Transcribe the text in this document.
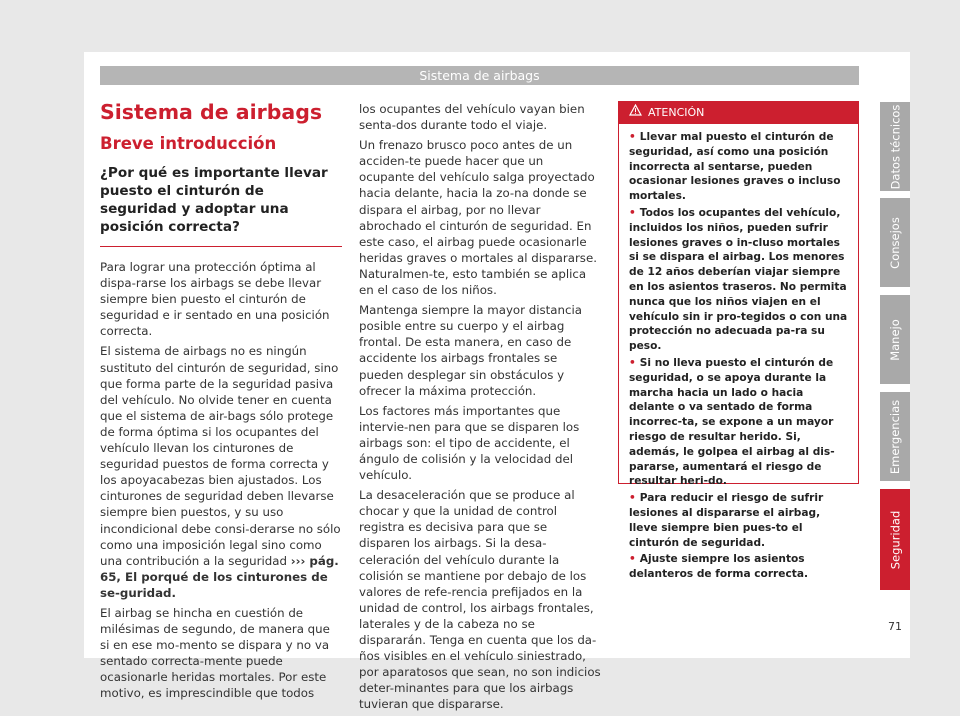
Sistema de airbags
Sistema de airbags
Breve introducción
¿Por qué es importante llevar puesto el cinturón de seguridad y adoptar una posición correcta?

Para lograr una protección óptima al dispa-rarse los airbags se debe llevar siempre bien puesto el cinturón de seguridad e ir sentado en una posición correcta.

El sistema de airbags no es ningún sustituto del cinturón de seguridad, sino que forma parte de la seguridad pasiva del vehículo. No olvide tener en cuenta que el sistema de air-bags sólo protege de forma óptima si los ocupantes del vehículo llevan los cinturones de seguridad puestos de forma correcta y los apoyacabezas bien ajustados. Los cinturones de seguridad deben llevarse siempre bien puestos, y su uso incondicional debe consi-derarse no sólo como una imposición legal sino como una contribución a la seguridad ››› pág. 65, El porqué de los cinturones de se-guridad.

El airbag se hincha en cuestión de milésimas de segundo, de manera que si en ese mo-mento se dispara y no va sentado correcta-mente puede ocasionarle heridas mortales. Por este motivo, es imprescindible que todos

los ocupantes del vehículo vayan bien senta-dos durante todo el viaje.

Un frenazo brusco poco antes de un acciden-te puede hacer que un ocupante del vehículo salga proyectado hacia delante, hacia la zo-na donde se dispara el airbag, por no llevar abrochado el cinturón de seguridad. En este caso, el airbag puede ocasionarle heridas graves o mortales al dispararse. Naturalmen-te, esto también se aplica en el caso de los niños.

Mantenga siempre la mayor distancia posible entre su cuerpo y el airbag frontal. De esta manera, en caso de accidente los airbags frontales se pueden desplegar sin obstáculos y ofrecer la máxima protección.

Los factores más importantes que intervie-nen para que se disparen los airbags son: el tipo de accidente, el ángulo de colisión y la velocidad del vehículo.

La desaceleración que se produce al chocar y que la unidad de control registra es decisiva para que se disparen los airbags. Si la desa-celeración del vehículo durante la colisión se mantiene por debajo de los valores de refe-rencia prefijados en la unidad de control, los airbags frontales, laterales y de la cabeza no se dispararán. Tenga en cuenta que los da-ños visibles en el vehículo siniestrado, por aparatosos que sean, no son indicios deter-minantes para que los airbags tuvieran que dispararse.

ATENCIÓN
• Llevar mal puesto el cinturón de seguridad, así como una posición incorrecta al sentarse, pueden ocasionar lesiones graves o incluso mortales.
• Todos los ocupantes del vehículo, incluidos los niños, pueden sufrir lesiones graves o in-cluso mortales si se dispara el airbag. Los menores de 12 años deberían viajar siempre en los asientos traseros. No permita nunca que los niños viajen en el vehículo sin ir pro-tegidos o con una protección no adecuada pa-ra su peso.
• Si no lleva puesto el cinturón de seguridad, o se apoya durante la marcha hacia un lado o hacia delante o va sentado de forma incorrec-ta, se expone a un mayor riesgo de resultar herido. Si, además, le golpea el airbag al dis-pararse, aumentará el riesgo de resultar heri-do.
• Para reducir el riesgo de sufrir lesiones al dispararse el airbag, lleve siempre bien pues-to el cinturón de seguridad.
• Ajuste siempre los asientos delanteros de forma correcta.
Datos técnicos
Consejos
Manejo
Emergencias
Seguridad
71
